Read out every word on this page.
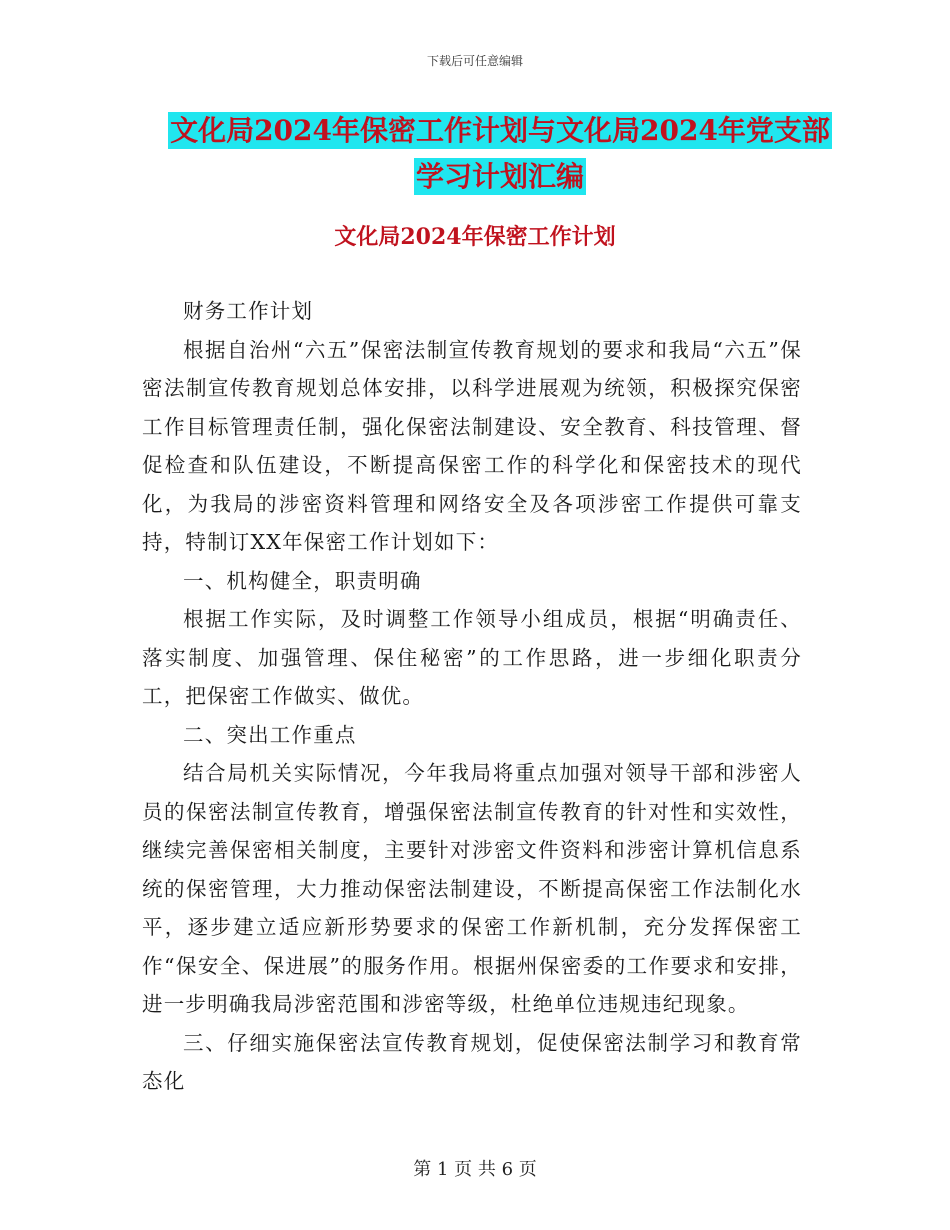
下载后可任意编辑
文化局2024年保密工作计划与文化局2024年党支部
学习计划汇编
文化局2024年保密工作计划

财务工作计划

根据自治州“六五”保密法制宣传教育规划的要求和我局“六五”保密法制宣传教育规划总体安排，以科学进展观为统领，积极探究保密工作目标管理责任制，强化保密法制建设、安全教育、科技管理、督促检查和队伍建设，不断提高保密工作的科学化和保密技术的现代化，为我局的涉密资料管理和网络安全及各项涉密工作提供可靠支持，特制订XX年保密工作计划如下：

一、机构健全，职责明确

根据工作实际，及时调整工作领导小组成员，根据“明确责任、落实制度、加强管理、保住秘密”的工作思路，进一步细化职责分工，把保密工作做实、做优。

二、突出工作重点

结合局机关实际情况，今年我局将重点加强对领导干部和涉密人员的保密法制宣传教育，增强保密法制宣传教育的针对性和实效性，继续完善保密相关制度，主要针对涉密文件资料和涉密计算机信息系统的保密管理，大力推动保密法制建设，不断提高保密工作法制化水平，逐步建立适应新形势要求的保密工作新机制，充分发挥保密工作“保安全、保进展”的服务作用。根据州保密委的工作要求和安排，进一步明确我局涉密范围和涉密等级，杜绝单位违规违纪现象。

三、仔细实施保密法宣传教育规划，促使保密法制学习和教育常态化

第 1 页 共 6 页
